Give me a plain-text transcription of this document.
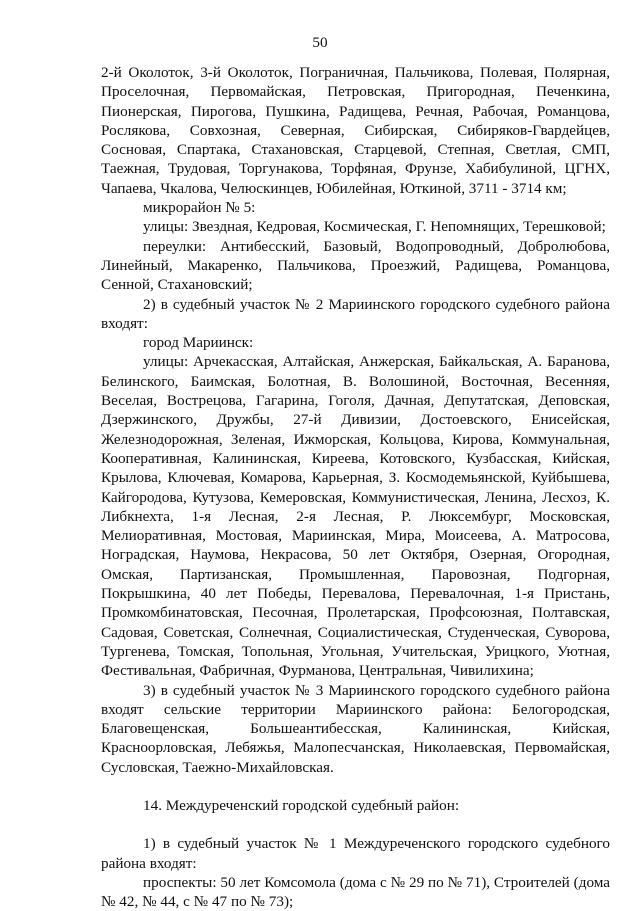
50

2-й Околоток, 3-й Околоток, Пограничная, Пальчикова, Полевая, Полярная, Проселочная, Первомайская, Петровская, Пригородная, Печенкина, Пионерская, Пирогова, Пушкина, Радищева, Речная, Рабочая, Романцова, Рослякова, Совхозная, Северная, Сибирская, Сибиряков-Гвардейцев, Сосновая, Спартака, Стахановская, Старцевой, Степная, Светлая, СМП, Таежная, Трудовая, Торгунакова, Торфяная, Фрунзе, Хабибулиной, ЦГНХ, Чапаева, Чкалова, Челюскинцев, Юбилейная, Юткиной, 3711 - 3714 км;

микрорайон № 5:

улицы: Звездная, Кедровая, Космическая, Г. Непомнящих, Терешковой;

переулки: Антибесский, Базовый, Водопроводный, Добролюбова, Линейный, Макаренко, Пальчикова, Проезжий, Радищева, Романцова, Сенной, Стахановский;

2) в судебный участок № 2 Мариинского городского судебного района входят:

город Мариинск:

улицы: Арчекасская, Алтайская, Анжерская, Байкальская, А. Баранова, Белинского, Баимская, Болотная, В. Волошиной, Восточная, Весенняя, Веселая, Вострецова, Гагарина, Гоголя, Дачная, Депутатская, Деповская, Дзержинского, Дружбы, 27-й Дивизии, Достоевского, Енисейская, Железнодорожная, Зеленая, Ижморская, Кольцова, Кирова, Коммунальная, Кооперативная, Калининская, Киреева, Котовского, Кузбасская, Кийская, Крылова, Ключевая, Комарова, Карьерная, З. Космодемьянской, Куйбышева, Кайгородова, Кутузова, Кемеровская, Коммунистическая, Ленина, Лесхоз, К. Либкнехта, 1-я Лесная, 2-я Лесная, Р. Люксембург, Московская, Мелиоративная, Мостовая, Мариинская, Мира, Моисеева, А. Матросова, Ноградская, Наумова, Некрасова, 50 лет Октября, Озерная, Огородная, Омская, Партизанская, Промышленная, Паровозная, Подгорная, Покрышкина, 40 лет Победы, Перевалова, Перевалочная, 1-я Пристань, Промкомбинатовская, Песочная, Пролетарская, Профсоюзная, Полтавская, Садовая, Советская, Солнечная, Социалистическая, Студенческая, Суворова, Тургенева, Томская, Топольная, Угольная, Учительская, Урицкого, Уютная, Фестивальная, Фабричная, Фурманова, Центральная, Чивилихина;

3) в судебный участок № 3 Мариинского городского судебного района входят сельские территории Мариинского района: Белогородская, Благовещенская, Большеантибесская, Калининская, Кийская, Красноорловская, Лебяжья, Малопесчанская, Николаевская, Первомайская, Сусловская, Таежно-Михайловская.

14. Междуреченский городской судебный район:

1) в судебный участок № 1 Междуреченского городского судебного района входят:

проспекты: 50 лет Комсомола (дома с № 29 по № 71), Строителей (дома № 42, № 44, с № 47 по № 73);
